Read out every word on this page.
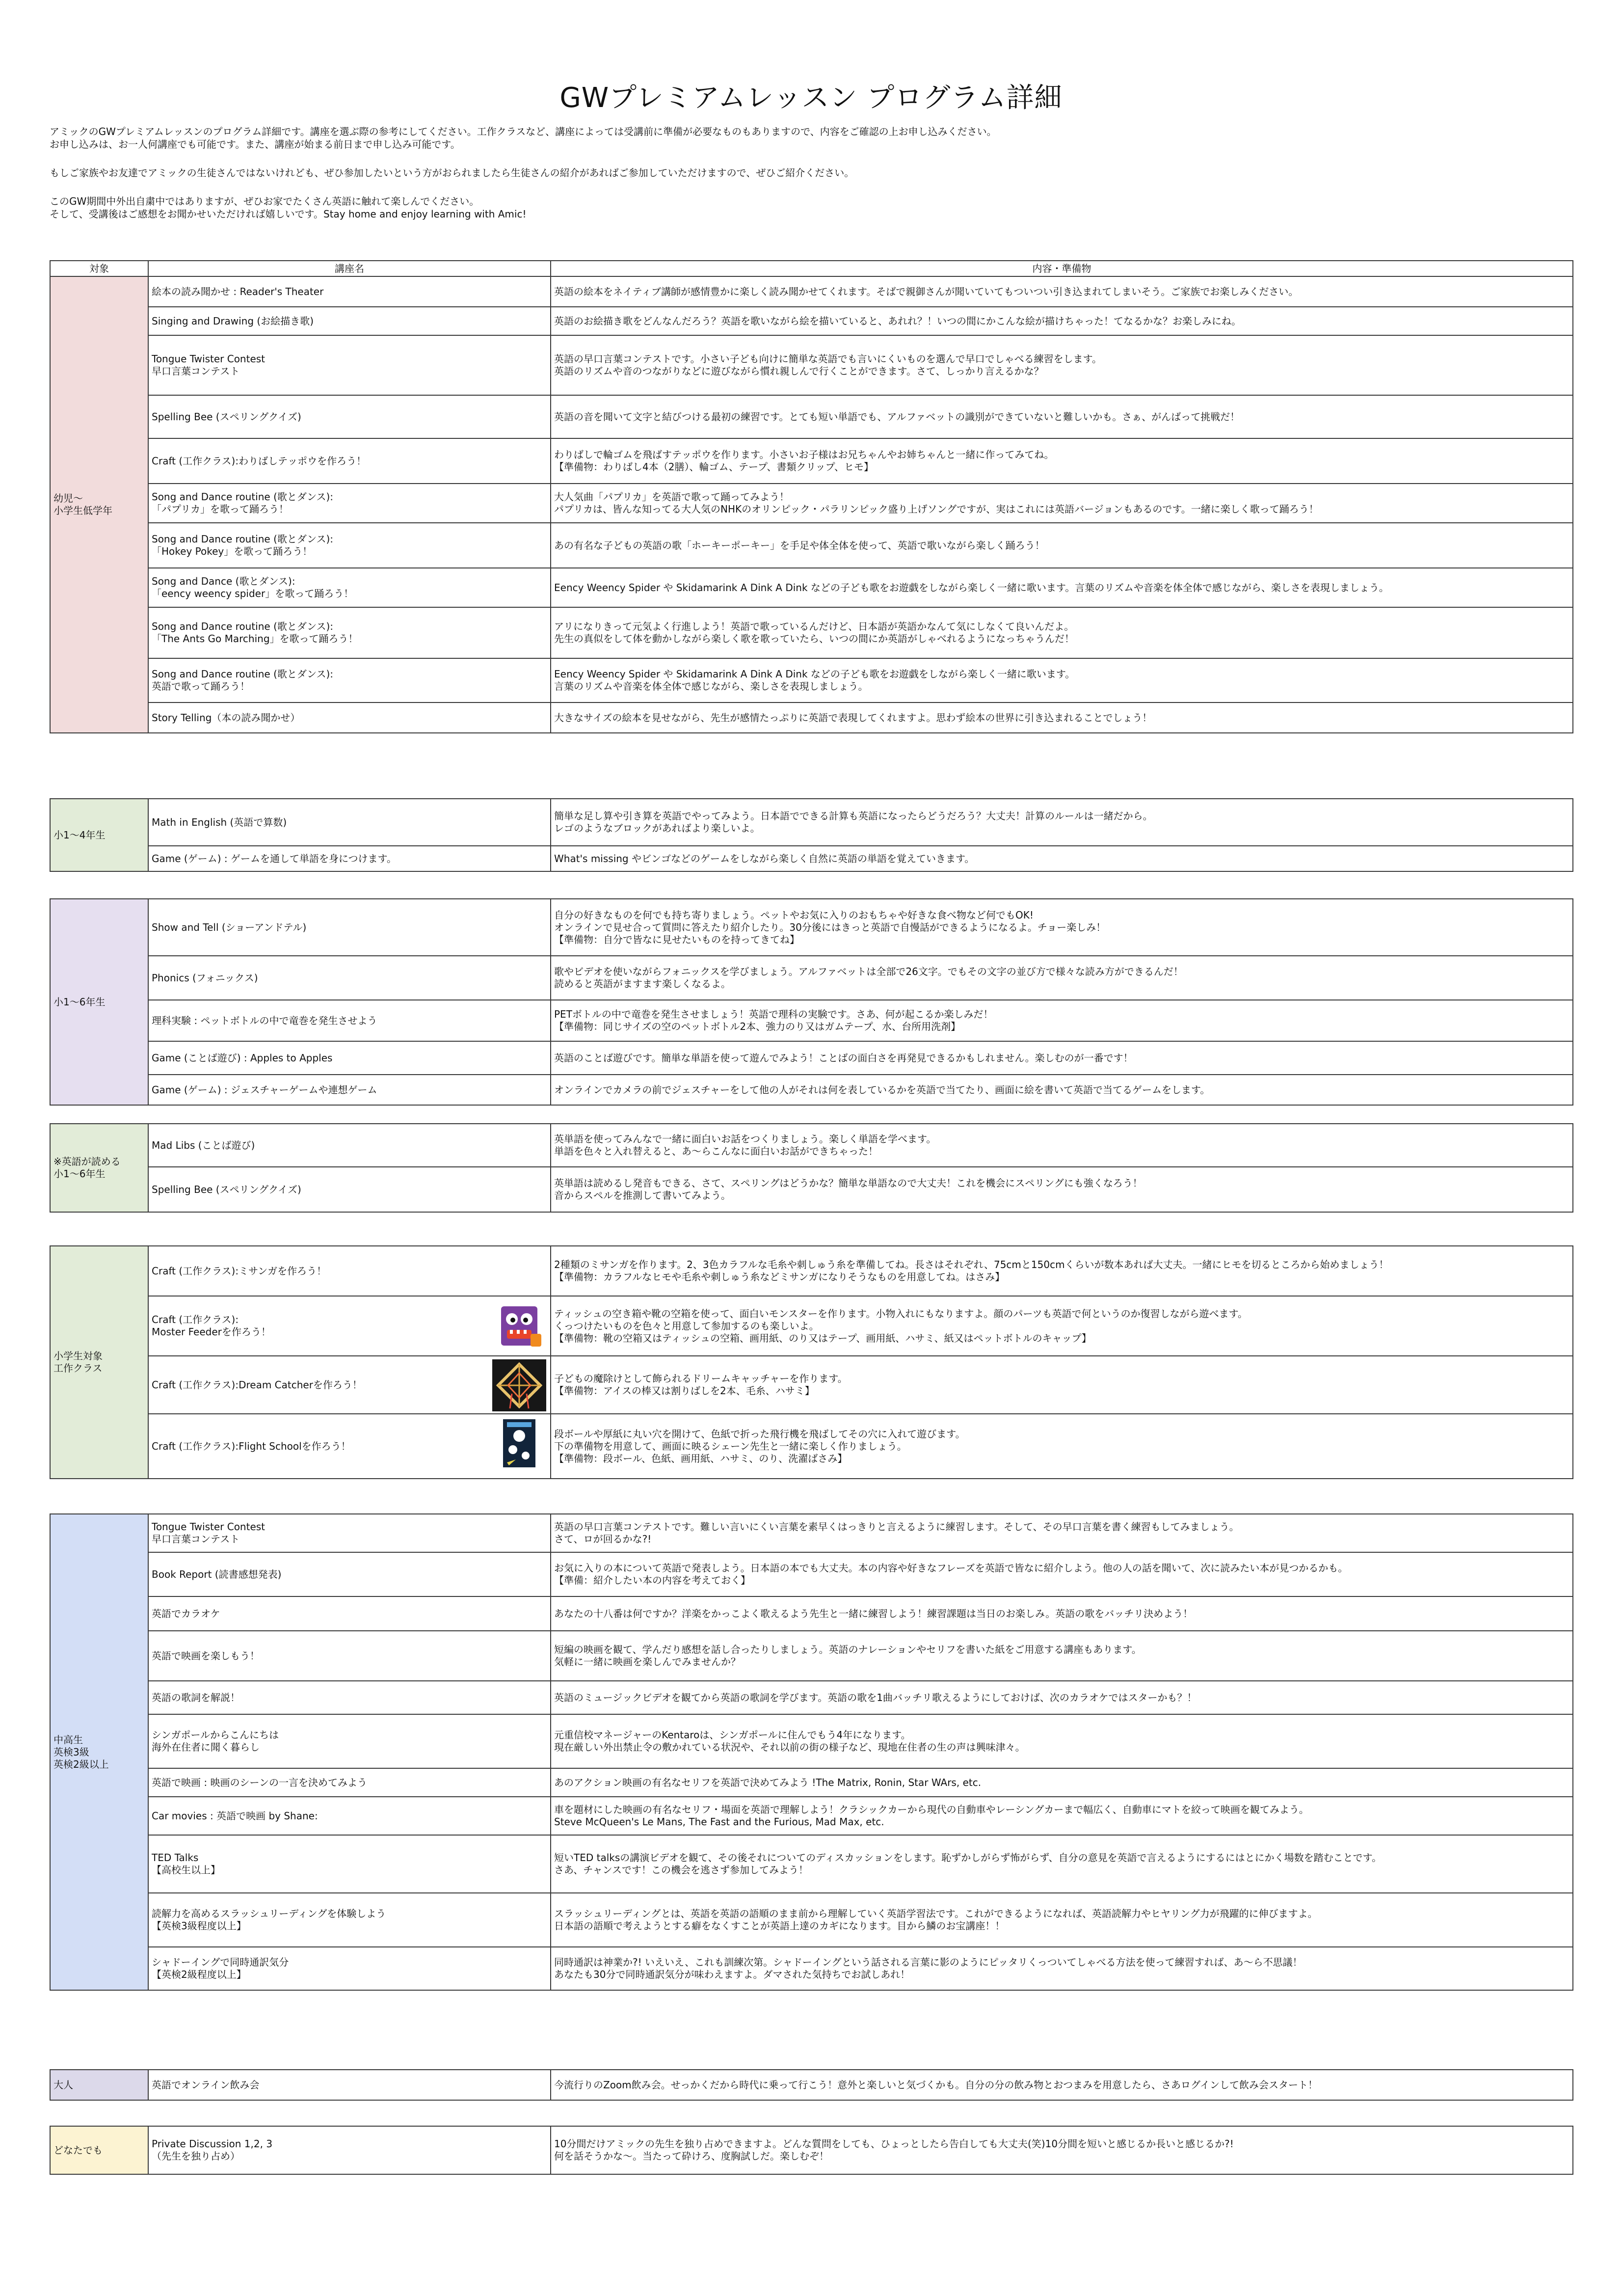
GWプレミアムレッスン プログラム詳細
アミックのGWプレミアムレッスンのプログラム詳細です。講座を選ぶ際の参考にしてください。工作クラスなど、講座によっては受講前に準備が必要なものもありますので、内容をご確認の上お申し込みください。
お申し込みは、お一人何講座でも可能です。また、講座が始まる前日まで申し込み可能です。
もしご家族やお友達でアミックの生徒さんではないけれども、ぜひ参加したいという方がおられましたら生徒さんの紹介があればご参加していただけますので、ぜひご紹介ください。
このGW期間中外出自粛中ではありますが、ぜひお家でたくさん英語に触れて楽しんでください。
そして、受講後はご感想をお聞かせいただければ嬉しいです。Stay home and enjoy learning with Amic!
対象	講座名	内容・準備物

幼児～
小学生低学年	絵本の読み聞かせ : Reader's Theater	英語の絵本をネイティブ講師が感情豊かに楽しく読み聞かせてくれます。そばで親御さんが聞いていてもついつい引き込まれてしまいそう。ご家族でお楽しみください。

	Singing and Drawing (お絵描き歌)	英語のお絵描き歌をどんなんだろう？英語を歌いながら絵を描いていると、あれれ？！いつの間にかこんな絵が描けちゃった！てなるかな？お楽しみにね。

	Tongue Twister Contest
早口言葉コンテスト	英語の早口言葉コンテストです。小さい子ども向けに簡単な英語でも言いにくいものを選んで早口でしゃべる練習をします。
英語のリズムや音のつながりなどに遊びながら慣れ親しんで行くことができます。さて、しっかり言えるかな？

	Spelling Bee (スペリングクイズ)	英語の音を聞いて文字と結びつける最初の練習です。とても短い単語でも、アルファベットの識別ができていないと難しいかも。さぁ、がんばって挑戦だ！

	Craft (工作クラス):わりばしテッポウを作ろう！	わりばしで輪ゴムを飛ばすテッポウを作ります。小さいお子様はお兄ちゃんやお姉ちゃんと一緒に作ってみてね。
【準備物：わりばし4本（2膳）、輪ゴム、テープ、書類クリップ、ヒモ】

	Song and Dance routine (歌とダンス):
「パプリカ」を歌って踊ろう！	大人気曲「パプリカ」を英語で歌って踊ってみよう！
パプリカは、皆んな知ってる大人気のNHKのオリンピック・パラリンピック盛り上げソングですが、実はこれには英語バージョンもあるのです。一緒に楽しく歌って踊ろう！

	Song and Dance routine (歌とダンス):
「Hokey Pokey」を歌って踊ろう！	あの有名な子どもの英語の歌「ホーキーポーキー」を手足や体全体を使って、英語で歌いながら楽しく踊ろう！

	Song and Dance (歌とダンス):
「eency weency spider」を歌って踊ろう！	Eency Weency Spider や Skidamarink A Dink A Dink などの子ども歌をお遊戯をしながら楽しく一緒に歌います。言葉のリズムや音楽を体全体で感じながら、楽しさを表現しましょう。

	Song and Dance routine (歌とダンス):
「The Ants Go Marching」を歌って踊ろう！	アリになりきって元気よく行進しよう！英語で歌っているんだけど、日本語が英語かなんて気にしなくて良いんだよ。
先生の真似をして体を動かしながら楽しく歌を歌っていたら、いつの間にか英語がしゃべれるようになっちゃうんだ！

	Song and Dance routine (歌とダンス):
英語で歌って踊ろう！	Eency Weency Spider や Skidamarink A Dink A Dink などの子ども歌をお遊戯をしながら楽しく一緒に歌います。
言葉のリズムや音楽を体全体で感じながら、楽しさを表現しましょう。

	Story Telling（本の読み聞かせ）	大きなサイズの絵本を見せながら、先生が感情たっぷりに英語で表現してくれますよ。思わず絵本の世界に引き込まれることでしょう！
小1～4年生	Math in English (英語で算数)	簡単な足し算や引き算を英語でやってみよう。日本語でできる計算も英語になったらどうだろう？大丈夫！計算のルールは一緒だから。
レゴのようなブロックがあればより楽しいよ。

	Game (ゲーム) : ゲームを通して単語を身につけます。	What's missing やビンゴなどのゲームをしながら楽しく自然に英語の単語を覚えていきます。
小1～6年生	Show and Tell (ショーアンドテル)	自分の好きなものを何でも持ち寄りましょう。ペットやお気に入りのおもちゃや好きな食べ物など何でもOK!
オンラインで見せ合って質問に答えたり紹介したり。30分後にはきっと英語で自慢話ができるようになるよ。チョー楽しみ！
【準備物：自分で皆なに見せたいものを持ってきてね】

	Phonics (フォニックス)	歌やビデオを使いながらフォニックスを学びましょう。アルファベットは全部で26文字。でもその文字の並び方で様々な読み方ができるんだ！
読めると英語がますます楽しくなるよ。

	理科実験 : ペットボトルの中で竜巻を発生させよう	PETボトルの中で竜巻を発生させましょう！英語で理科の実験です。さあ、何が起こるか楽しみだ！
【準備物：同じサイズの空のペットボトル2本、強力のり又はガムテープ、水、台所用洗剤】

	Game (ことば遊び) : Apples to Apples	英語のことば遊びです。簡単な単語を使って遊んでみよう！ことばの面白さを再発見できるかもしれません。楽しむのが一番です！

	Game (ゲーム) : ジェスチャーゲームや連想ゲーム	オンラインでカメラの前でジェスチャーをして他の人がそれは何を表しているかを英語で当てたり、画面に絵を書いて英語で当てるゲームをします。
※英語が読める
小1～6年生	Mad Libs (ことば遊び)	英単語を使ってみんなで一緒に面白いお話をつくりましょう。楽しく単語を学べます。
単語を色々と入れ替えると、あ～らこんなに面白いお話ができちゃった！

	Spelling Bee (スペリングクイズ)	英単語は読めるし発音もできる、さて、スペリングはどうかな？簡単な単語なので大丈夫！これを機会にスペリングにも強くなろう！
音からスペルを推測して書いてみよう。
小学生対象
工作クラス	Craft (工作クラス):ミサンガを作ろう！	2種類のミサンガを作ります。2、3色カラフルな毛糸や刺しゅう糸を準備してね。長さはそれぞれ、75cmと150cmくらいが数本あれば大丈夫。一緒にヒモを切るところから始めましょう！
【準備物：カラフルなヒモや毛糸や刺しゅう糸などミサンガになりそうなものを用意してね。はさみ】

	Craft (工作クラス):
Moster Feederを作ろう！	ティッシュの空き箱や靴の空箱を使って、面白いモンスターを作ります。小物入れにもなりますよ。顔のパーツも英語で何というのか復習しながら遊べます。
くっつけたいものを色々と用意して参加するのも楽しいよ。
【準備物：靴の空箱又はティッシュの空箱、画用紙、のり又はテープ、画用紙、ハサミ、紙又はペットボトルのキャップ】

	Craft (工作クラス):Dream Catcherを作ろう！	子どもの魔除けとして飾られるドリームキャッチャーを作ります。
【準備物：アイスの棒又は割りばしを2本、毛糸、ハサミ】

	Craft (工作クラス):Flight Schoolを作ろう！	段ボールや厚紙に丸い穴を開けて、色紙で折った飛行機を飛ばしてその穴に入れて遊びます。
下の準備物を用意して、画面に映るシェーン先生と一緒に楽しく作りましょう。
【準備物：段ボール、色紙、画用紙、ハサミ、のり、洗濯ばさみ】
中高生
英検3級
英検2級以上	Tongue Twister Contest
早口言葉コンテスト	英語の早口言葉コンテストです。難しい言いにくい言葉を素早くはっきりと言えるように練習します。そして、その早口言葉を書く練習もしてみましょう。
さて、ロが回るかな?!

	Book Report (読書感想発表)	お気に入りの本について英語で発表しよう。日本語の本でも大丈夫。本の内容や好きなフレーズを英語で皆なに紹介しよう。他の人の話を聞いて、次に読みたい本が見つかるかも。
【準備：紹介したい本の内容を考えておく】

	英語でカラオケ	あなたの十八番は何ですか？洋楽をかっこよく歌えるよう先生と一緒に練習しよう！練習課題は当日のお楽しみ。英語の歌をバッチリ決めよう！

	英語で映画を楽しもう！	短編の映画を観て、学んだり感想を話し合ったりしましょう。英語のナレーションやセリフを書いた紙をご用意する講座もあります。
気軽に一緒に映画を楽しんでみませんか？

	英語の歌詞を解説！	英語のミュージックビデオを観てから英語の歌詞を学びます。英語の歌を1曲バッチリ歌えるようにしておけば、次のカラオケではスターかも？！

	シンガポールからこんにちは
海外在住者に聞く暮らし	元重信校マネージャーのKentaroは、シンガポールに住んでもう4年になります。
現在厳しい外出禁止令の敷かれている状況や、それ以前の街の様子など、現地在住者の生の声は興味津々。

	英語で映画 : 映画のシーンの一言を決めてみよう	あのアクション映画の有名なセリフを英語で決めてみよう !The Matrix, Ronin, Star WArs, etc.

	Car movies : 英語で映画 by Shane:	車を題材にした映画の有名なセリフ・場面を英語で理解しよう！クラシックカーから現代の自動車やレーシングカーまで幅広く、自動車にマトを絞って映画を観てみよう。
Steve McQueen's Le Mans, The Fast and the Furious, Mad Max, etc.

	TED Talks
【高校生以上】	短いTED talksの講演ビデオを観て、その後それについてのディスカッションをします。恥ずかしがらず怖がらず、自分の意見を英語で言えるようにするにはとにかく場数を踏むことです。
さあ、チャンスです！この機会を逃さず参加してみよう！

	読解力を高めるスラッシュリーディングを体験しよう
【英検3級程度以上】	スラッシュリーディングとは、英語を英語の語順のまま前から理解していく英語学習法です。これができるようになれば、英語読解力やヒヤリング力が飛躍的に伸びますよ。
日本語の語順で考えようとする癖をなくすことが英語上達のカギになります。目から鱗のお宝講座！！

	シャドーイングで同時通訳気分
【英検2級程度以上】	同時通訳は神業か?! いえいえ、これも訓練次第。シャドーイングという話される言葉に影のようにピッタリくっついてしゃべる方法を使って練習すれば、あ～ら不思議！
あなたも30分で同時通訳気分が味わえますよ。ダマされた気持ちでお試しあれ！
大人	英語でオンライン飲み会	今流行りのZoom飲み会。せっかくだから時代に乗って行こう！意外と楽しいと気づくかも。自分の分の飲み物とおつまみを用意したら、さあログインして飲み会スタート！
どなたでも

Private Discussion 1,2, 3
（先生を独り占め）

10分間だけアミックの先生を独り占めできますよ。どんな質問をしても、ひょっとしたら告白しても大丈夫(笑)10分間を短いと感じるか長いと感じるか?!
何を話そうかな～。当たって砕けろ、度胸試しだ。楽しむぞ！
